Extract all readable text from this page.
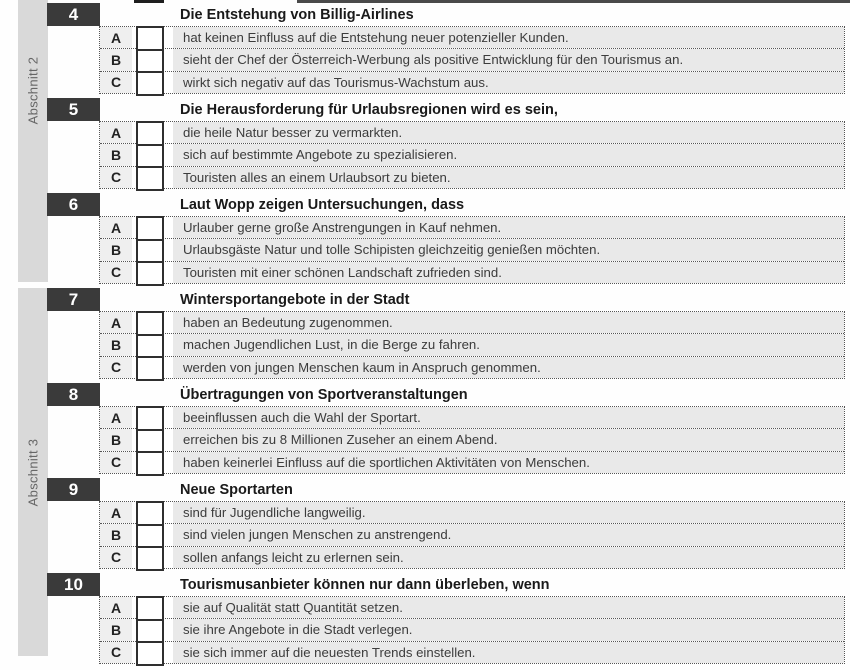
Abschnitt 2
Abschnitt 3
4	Die Entstehung von Billig-Airlines
A	hat keinen Einfluss auf die Entstehung neuer potenzieller Kunden.
B	sieht der Chef der Österreich-Werbung als positive Entwicklung für den Tourismus an.
C	wirkt sich negativ auf das Tourismus-Wachstum aus.
5	Die Herausforderung für Urlaubsregionen wird es sein,
A	die heile Natur besser zu vermarkten.
B	sich auf bestimmte Angebote zu spezialisieren.
C	Touristen alles an einem Urlaubsort zu bieten.
6	Laut Wopp zeigen Untersuchungen, dass
A	Urlauber gerne große Anstrengungen in Kauf nehmen.
B	Urlaubsgäste Natur und tolle Schipisten gleichzeitig genießen möchten.
C	Touristen mit einer schönen Landschaft zufrieden sind.
7	Wintersportangebote in der Stadt
A	haben an Bedeutung zugenommen.
B	machen Jugendlichen Lust, in die Berge zu fahren.
C	werden von jungen Menschen kaum in Anspruch genommen.
8	Übertragungen von Sportveranstaltungen
A	beeinflussen auch die Wahl der Sportart.
B	erreichen bis zu 8 Millionen Zuseher an einem Abend.
C	haben keinerlei Einfluss auf die sportlichen Aktivitäten von Menschen.
9	Neue Sportarten
A	sind für Jugendliche langweilig.
B	sind vielen jungen Menschen zu anstrengend.
C	sollen anfangs leicht zu erlernen sein.
10	Tourismusanbieter können nur dann überleben, wenn
A	sie auf Qualität statt Quantität setzen.
B	sie ihre Angebote in die Stadt verlegen.
C	sie sich immer auf die neuesten Trends einstellen.
